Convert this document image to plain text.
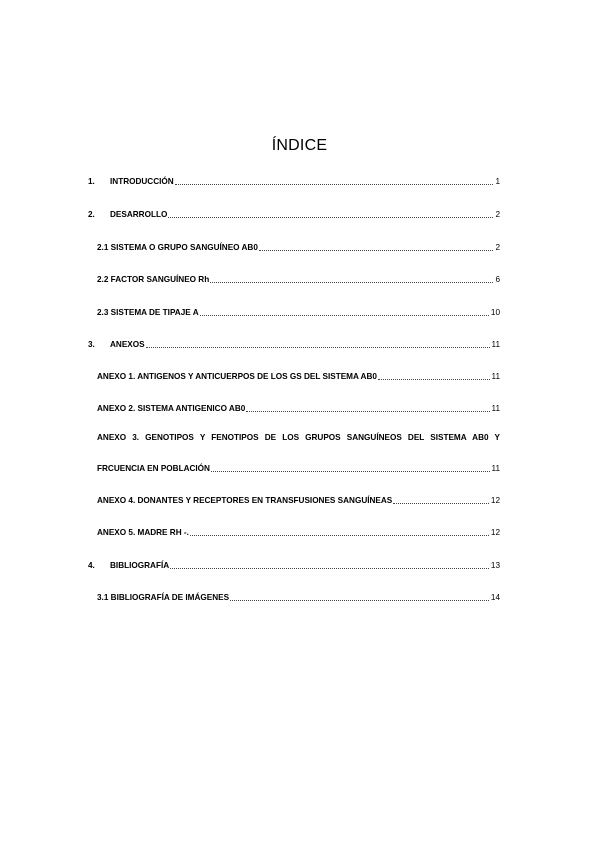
ÍNDICE
1.	INTRODUCCIÓN	1
2.	DESARROLLO	2
2.1 SISTEMA O GRUPO SANGUÍNEO AB0	2
2.2 FACTOR SANGUÍNEO Rh	6
2.3 SISTEMA DE TIPAJE A	10
3.	ANEXOS	11
ANEXO 1. ANTIGENOS Y ANTICUERPOS DE LOS GS DEL SISTEMA AB0	11
ANEXO 2. SISTEMA ANTIGENICO AB0	11
ANEXO 3. GENOTIPOS Y FENOTIPOS DE LOS GRUPOS SANGUÍNEOS DEL SISTEMA AB0 Y
FRCUENCIA EN POBLACIÓN	11
ANEXO 4. DONANTES Y RECEPTORES EN TRANSFUSIONES SANGUÍNEAS	12
ANEXO 5. MADRE RH -.	12
4.	BIBLIOGRAFÍA	13
3.1 BIBLIOGRAFÍA DE IMÁGENES	14
